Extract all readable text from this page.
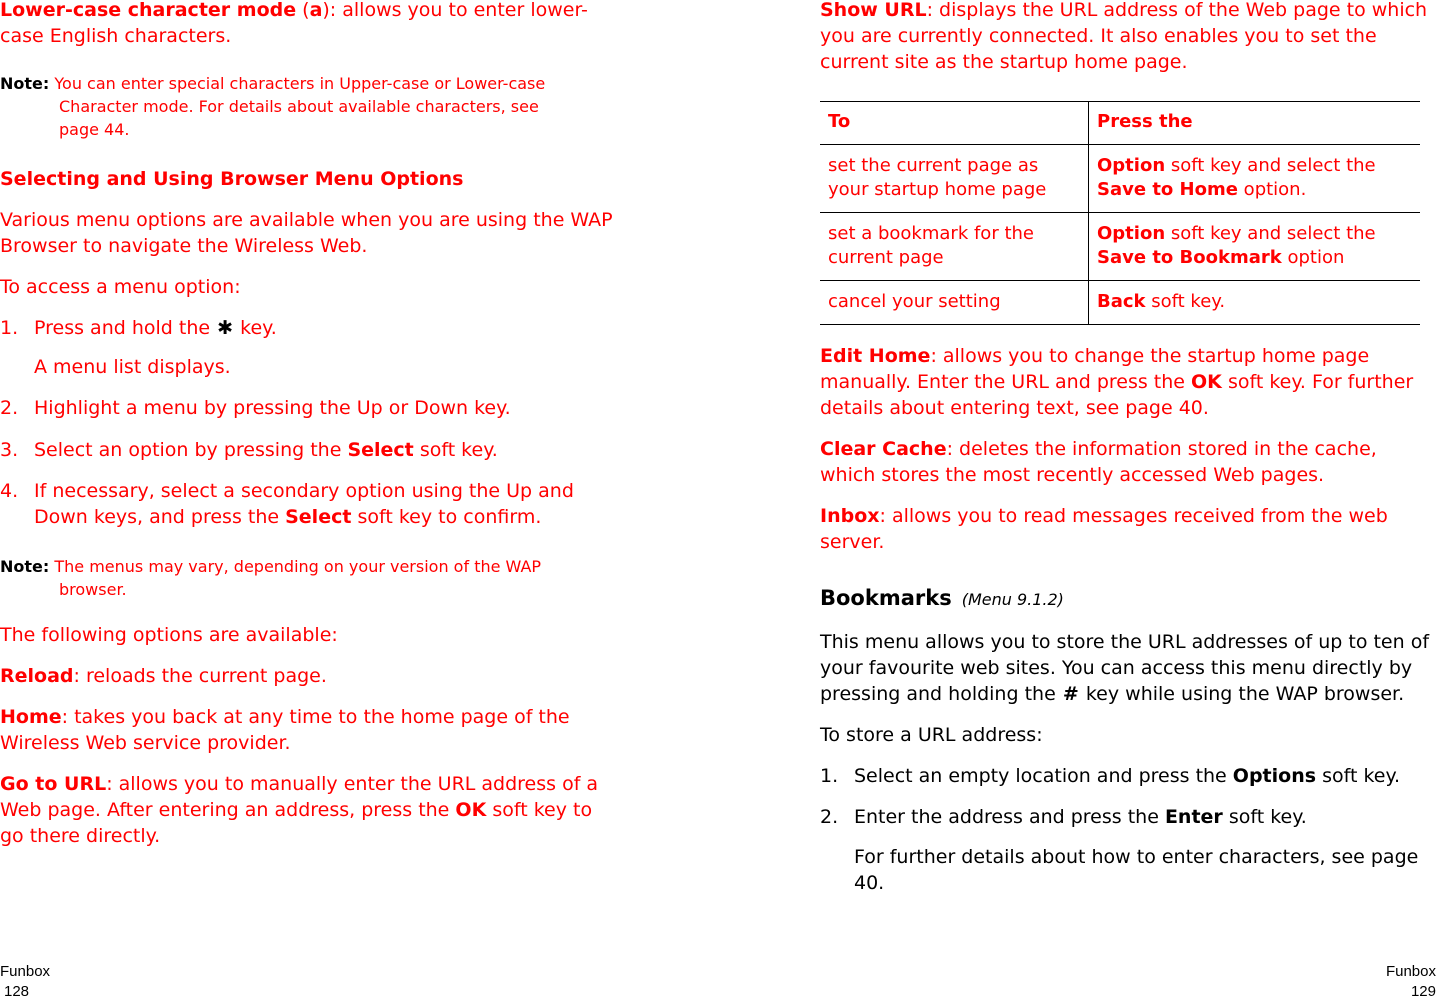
Lower-case character mode (a): allows you to enter lower-case English characters.

Note: You can enter special characters in Upper-case or Lower-case
Character mode. For details about available characters, see
page 44.

Selecting and Using Browser Menu Options

Various menu options are available when you are using the WAP Browser to navigate the Wireless Web.

To access a menu option:

1. Press and hold the ✱ key.

A menu list displays.

2. Highlight a menu by pressing the Up or Down key.

3. Select an option by pressing the Select soft key.

4. If necessary, select a secondary option using the Up and
Down keys, and press the Select soft key to confirm.

Note: The menus may vary, depending on your version of the WAP
browser.

The following options are available:

Reload: reloads the current page.

Home: takes you back at any time to the home page of the Wireless Web service provider.

Go to URL: allows you to manually enter the URL address of a Web page. After entering an address, press the OK soft key to go there directly.

Show URL: displays the URL address of the Web page to which you are currently connected. It also enables you to set the current site as the startup home page.

To	Press the
set the current page as your startup home page	Option soft key and select the Save to Home option.
set a bookmark for the current page	Option soft key and select the Save to Bookmark option
cancel your setting	Back soft key.

Edit Home: allows you to change the startup home page manually. Enter the URL and press the OK soft key. For further details about entering text, see page 40.

Clear Cache: deletes the information stored in the cache, which stores the most recently accessed Web pages.

Inbox: allows you to read messages received from the web server.

Bookmarks (Menu 9.1.2)

This menu allows you to store the URL addresses of up to ten of your favourite web sites. You can access this menu directly by pressing and holding the # key while using the WAP browser.

To store a URL address:

1. Select an empty location and press the Options soft key.

2. Enter the address and press the Enter soft key.

For further details about how to enter characters, see page 40.

Funbox
128
Funbox
129
